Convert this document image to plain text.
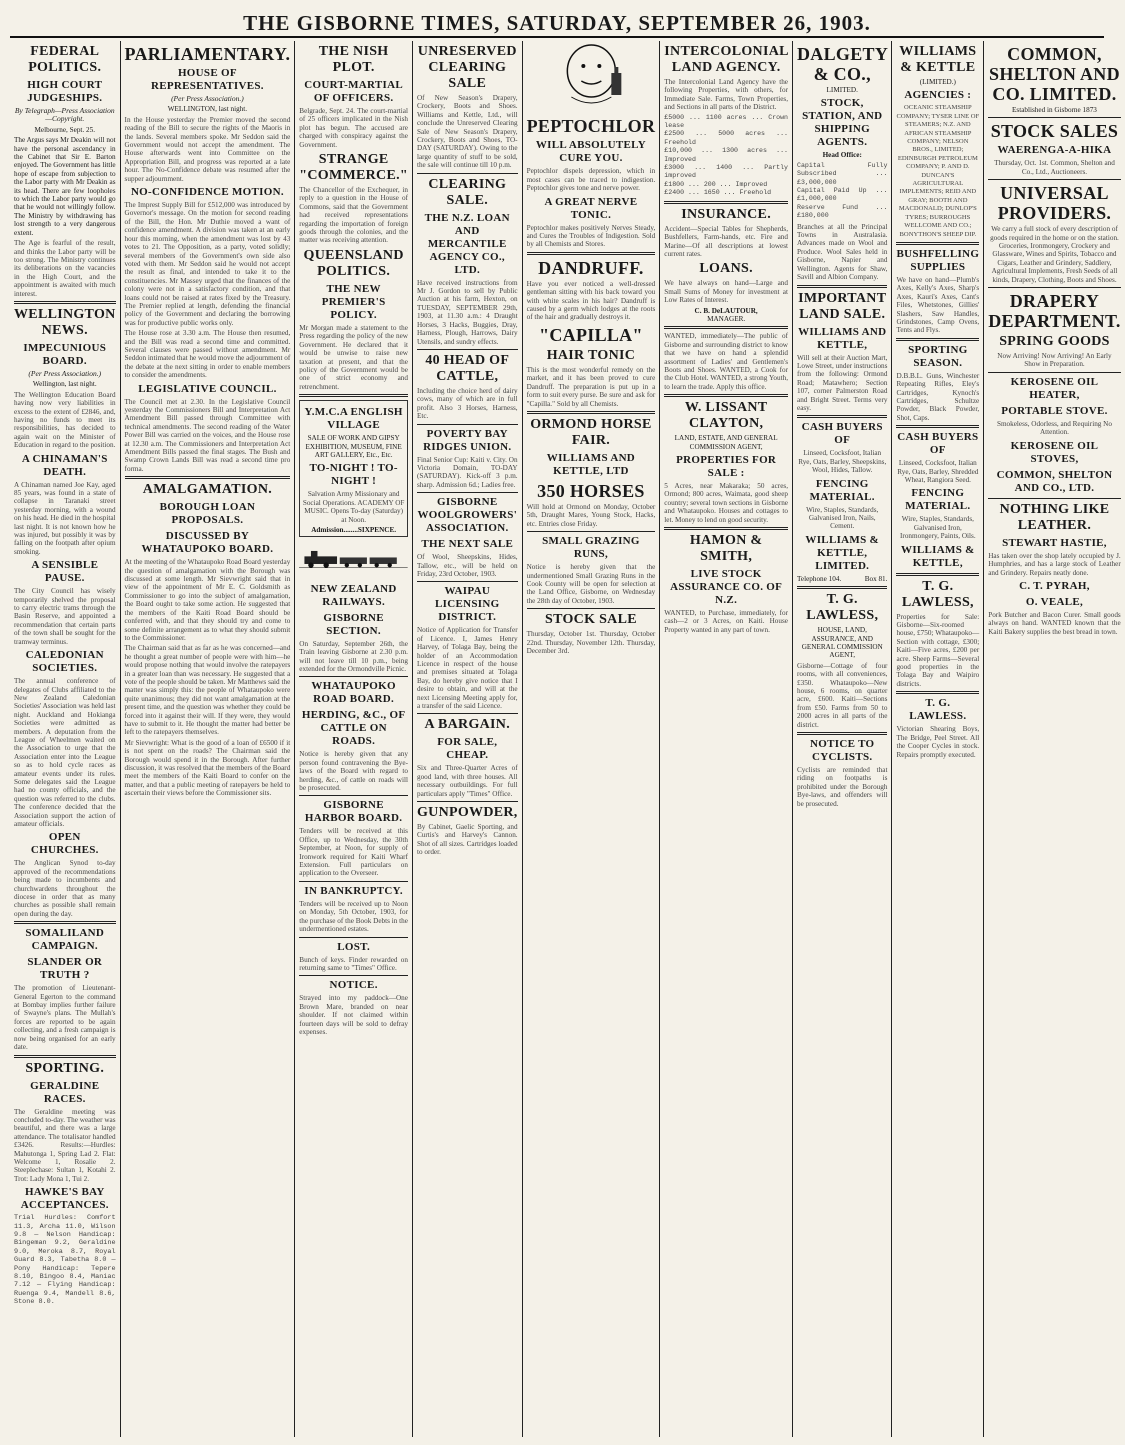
THE GISBORNE TIMES, SATURDAY, SEPTEMBER 26, 1903.
FEDERAL POLITICS.
HIGH COURT JUDGESHIPS.
By Telegraph—Press Association—Copyright.
Melbourne, Sept. 25.

The Argus says Mr Deakin will not have the personal ascendancy in the Cabinet that Sir E. Barton enjoyed. The Government has little hope of escape from subjection to the Labor party with Mr Deakin as its head. There are few loopholes to which the Labor party would go that he would not willingly follow. The Ministry by withdrawing has lost strength to a very dangerous extent.

The Age is fearful of the result, and thinks the Labor party will be too strong. The Ministry continues its deliberations on the vacancies in the High Court, and the appointment is awaited with much interest.

WELLINGTON NEWS.
IMPECUNIOUS BOARD.
(Per Press Association.)
Wellington, last night.

The Wellington Education Board having now very liabilities in excess to the extent of £2846, and, having no funds to meet its responsibilities, has decided to again wait on the Minister of Education in regard to the position.

A CHINAMAN'S DEATH.

A Chinaman named Joe Kay, aged 85 years, was found in a state of collapse in Taranaki street yesterday morning, with a wound on his head. He died in the hospital last night. It is not known how he was injured, but possibly it was by falling on the footpath after opium smoking.

A SENSIBLE PAUSE.

The City Council has wisely temporarily shelved the proposal to carry electric trams through the Basin Reserve, and appointed a recommendation that certain parts of the town shall be sought for the tramway terminus.

CALEDONIAN SOCIETIES.

The annual conference of delegates of Clubs affiliated to the New Zealand Caledonian Societies' Association was held last night. Auckland and Hokianga Societies were admitted as members. A deputation from the League of Wheelmen waited on the Association to urge that the Association enter into the League so as to hold cycle races as amateur events under its rules. Some delegates said the League had no county officials, and the question was referred to the clubs. The conference decided that the Association support the action of amateur officials.

OPEN CHURCHES.

The Anglican Synod to-day approved of the recommendations being made to incumbents and churchwardens throughout the diocese in order that as many churches as possible shall remain open during the day.

SOMALILAND CAMPAIGN.
SLANDER OR TRUTH ?

The promotion of Lieutenant-General Egerton to the command at Bombay implies further failure of Swayne's plans. The Mullah's forces are reported to be again collecting, and a fresh campaign is now being organised for an early date.

SPORTING.
GERALDINE RACES.

The Geraldine meeting was concluded to-day. The weather was beautiful, and there was a large attendance. The totalisator handled £3426. Results:—Hurdles: Mahutonga 1, Spring Lad 2. Flat: Welcome 1, Rosalie 2. Steeplechase: Sultan 1, Kotahi 2. Trot: Lady Mona 1, Tui 2.

HAWKE'S BAY ACCEPTANCES.

Trial Hurdles: Comfort 11.3, Archa 11.0, Wilson 9.8 — Nelson Handicap: Bingeman 9.2, Geraldine 9.0, Meroka 8.7, Royal Guard 8.3, Tabetha 8.0 — Pony Handicap: Tepere 8.10, Bingoo 8.4, Maniac 7.12 — Flying Handicap: Ruenga 9.4, Mandell 8.6, Stone 8.0.

PARLIAMENTARY.
HOUSE OF REPRESENTATIVES.
(Per Press Association.)
WELLINGTON, last night.

In the House yesterday the Premier moved the second reading of the Bill to secure the rights of the Maoris in the lands. Several members spoke. Mr Seddon said the Government would not accept the amendment. The House afterwards went into Committee on the Appropriation Bill, and progress was reported at a late hour. The No-Confidence debate was resumed after the supper adjournment.

NO-CONFIDENCE MOTION.

The Imprest Supply Bill for £512,000 was introduced by Governor's message. On the motion for second reading of the Bill, the Hon. Mr Duthie moved a want of confidence amendment. A division was taken at an early hour this morning, when the amendment was lost by 43 votes to 21. The Opposition, as a party, voted solidly; several members of the Government's own side also voted with them. Mr Seddon said he would not accept the result as final, and intended to take it to the constituencies. Mr Massey urged that the finances of the colony were not in a satisfactory condition, and that loans could not be raised at rates fixed by the Treasury. The Premier replied at length, defending the financial policy of the Government and declaring the borrowing was for productive public works only.

The House rose at 3.30 a.m. The House then resumed, and the Bill was read a second time and committed. Several clauses were passed without amendment. Mr Seddon intimated that he would move the adjournment of the debate at the next sitting in order to enable members to consider the amendments.

LEGISLATIVE COUNCIL.

The Council met at 2.30. In the Legislative Council yesterday the Commissioners Bill and Interpretation Act Amendment Bill passed through Committee with technical amendments. The second reading of the Water Power Bill was carried on the voices, and the House rose at 12.30 a.m. The Commissioners and Interpretation Act Amendment Bills passed the final stages. The Bush and Swamp Crown Lands Bill was read a second time pro forma.

AMALGAMATION.
BOROUGH LOAN PROPOSALS.
DISCUSSED BY WHATAUPOKO BOARD.

At the meeting of the Whataupoko Road Board yesterday the question of amalgamation with the Borough was discussed at some length. Mr Sievwright said that in view of the appointment of Mr E. C. Goldsmith as Commissioner to go into the subject of amalgamation, the Board ought to take some action. He suggested that the members of the Kaiti Road Board should be conferred with, and that they should try and come to some definite arrangement as to what they should submit to the Commissioner.

The Chairman said that as far as he was concerned—and he thought a great number of people were with him—he would propose nothing that would involve the ratepayers in a greater loan than was necessary. He suggested that a vote of the people should be taken. Mr Matthews said the matter was simply this: the people of Whataupoko were quite unanimous; they did not want amalgamation at the present time, and the question was whether they could be forced into it against their will. If they were, they would have to submit to it. He thought the matter had better be left to the ratepayers themselves.

Mr Sievwright: What is the good of a loan of £6500 if it is not spent on the roads? The Chairman said the Borough would spend it in the Borough. After further discussion, it was resolved that the members of the Board meet the members of the Kaiti Board to confer on the matter, and that a public meeting of ratepayers be held to ascertain their views before the Commissioner sits.

THE NISH PLOT.
COURT-MARTIAL OF OFFICERS.

Belgrade, Sept. 24. The court-martial of 25 officers implicated in the Nish plot has begun. The accused are charged with conspiracy against the Government.

STRANGE "COMMERCE."

The Chancellor of the Exchequer, in reply to a question in the House of Commons, said that the Government had received representations regarding the importation of foreign goods through the colonies, and the matter was receiving attention.

QUEENSLAND POLITICS.
THE NEW PREMIER'S POLICY.

Mr Morgan made a statement to the Press regarding the policy of the new Government. He declared that it would be unwise to raise new taxation at present, and that the policy of the Government would be one of strict economy and retrenchment.

Y.M.C.A ENGLISH VILLAGE
SALE OF WORK AND GIPSY EXHIBITION, MUSEUM, FINE ART GALLERY, Etc., Etc.
TO-NIGHT ! TO-NIGHT !

Salvation Army Missionary and Social Operations. ACADEMY OF MUSIC. Opens To-day (Saturday) at Noon.

Admission........SIXPENCE.
NEW ZEALAND RAILWAYS.
GISBORNE SECTION.

On Saturday, September 26th, the Train leaving Gisborne at 2.30 p.m. will not leave till 10 p.m., being extended for the Ormondville Picnic.

WHATAUPOKO ROAD BOARD.
HERDING, &C., OF CATTLE ON ROADS.

Notice is hereby given that any person found contravening the Bye-laws of the Board with regard to herding, &c., of cattle on roads will be prosecuted.

GISBORNE HARBOR BOARD.

Tenders will be received at this Office, up to Wednesday, the 30th September, at Noon, for supply of Ironwork required for Kaiti Wharf Extension. Full particulars on application to the Overseer.

IN BANKRUPTCY.

Tenders will be received up to Noon on Monday, 5th October, 1903, for the purchase of the Book Debts in the undermentioned estates.

LOST.

Bunch of keys. Finder rewarded on returning same to "Times" Office.

NOTICE.

Strayed into my paddock—One Brown Mare, branded on near shoulder. If not claimed within fourteen days will be sold to defray expenses.

UNRESERVED CLEARING SALE

Of New Season's Drapery, Crockery, Boots and Shoes. Williams and Kettle, Ltd., will conclude the Unreserved Clearing Sale of New Season's Drapery, Crockery, Boots and Shoes, TO-DAY (SATURDAY). Owing to the large quantity of stuff to be sold, the sale will continue till 10 p.m.

CLEARING SALE.
THE N.Z. LOAN AND MERCANTILE AGENCY CO., LTD.

Have received instructions from Mr J. Gordon to sell by Public Auction at his farm, Hexton, on TUESDAY, SEPTEMBER 29th, 1903, at 11.30 a.m.: 4 Draught Horses, 3 Hacks, Buggies, Dray, Harness, Plough, Harrows, Dairy Utensils, and sundry effects.

40 HEAD OF CATTLE,

Including the choice herd of dairy cows, many of which are in full profit. Also 3 Horses, Harness, Etc.

POVERTY BAY RIDGES UNION.

Final Senior Cup: Kaiti v. City. On Victoria Domain, TO-DAY (SATURDAY). Kick-off 3 p.m. sharp. Admission 6d.; Ladies free.

GISBORNE WOOLGROWERS' ASSOCIATION.
THE NEXT SALE

Of Wool, Sheepskins, Hides, Tallow, etc., will be held on Friday, 23rd October, 1903.

WAIPAU LICENSING DISTRICT.

Notice of Application for Transfer of Licence. I, James Henry Harvey, of Tolaga Bay, being the holder of an Accommodation Licence in respect of the house and premises situated at Tolaga Bay, do hereby give notice that I desire to obtain, and will at the next Licensing Meeting apply for, a transfer of the said Licence.

A BARGAIN.
FOR SALE, CHEAP.

Six and Three-Quarter Acres of good land, with three houses. All necessary outbuildings. For full particulars apply "Times" Office.

GUNPOWDER,

By Cabinet, Gaelic Sporting, and Curtis's and Harvey's Cannon. Shot of all sizes. Cartridges loaded to order.

PEPTOCHLOR
WILL ABSOLUTELY CURE YOU.

Peptochlor dispels depression, which in most cases can be traced to indigestion. Peptochlor gives tone and nerve power.

A GREAT NERVE TONIC.

Peptochlor makes positively Nerves Steady, and Cures the Troubles of Indigestion. Sold by all Chemists and Stores.

DANDRUFF.

Have you ever noticed a well-dressed gentleman sitting with his back toward you with white scales in his hair? Dandruff is caused by a germ which lodges at the roots of the hair and gradually destroys it.

"CAPILLA"
HAIR TONIC

This is the most wonderful remedy on the market, and it has been proved to cure Dandruff. The preparation is put up in a form to suit every purse. Be sure and ask for "Capilla." Sold by all Chemists.

ORMOND HORSE FAIR.
WILLIAMS AND KETTLE, LTD
350 HORSES

Will hold at Ormond on Monday, October 5th, Draught Mares, Young Stock, Hacks, etc. Entries close Friday.

SMALL GRAZING RUNS,

Notice is hereby given that the undermentioned Small Grazing Runs in the Cook County will be open for selection at the Land Office, Gisborne, on Wednesday the 28th day of October, 1903.

STOCK SALE

Thursday, October 1st. Thursday, October 22nd. Thursday, November 12th. Thursday, December 3rd.

INTERCOLONIAL LAND AGENCY.

The Intercolonial Land Agency have the following Properties, with others, for Immediate Sale. Farms, Town Properties, and Sections in all parts of the District.

£5000 ... 1100 acres ... Crown lease
£2500 ... 5000 acres ... Freehold
£10,000 ... 1300 acres ... Improved
£3000 ... 1400 ... Partly improved
£1800 ... 200 ... Improved
£2400 ... 1650 ... Freehold

INSURANCE.

Accident—Special Tables for Shepherds, Bushfellers, Farm-hands, etc. Fire and Marine—Of all descriptions at lowest current rates.

LOANS.

We have always on hand—Large and Small Sums of Money for investment at Low Rates of Interest.

C. B. DeLAUTOUR,
MANAGER.

WANTED, immediately—The public of Gisborne and surrounding district to know that we have on hand a splendid assortment of Ladies' and Gentlemen's Boots and Shoes. WANTED, a Cook for the Club Hotel. WANTED, a strong Youth, to learn the trade. Apply this office.

W. LISSANT CLAYTON,
LAND, ESTATE, AND GENERAL COMMISSION AGENT,
PROPERTIES FOR SALE :

5 Acres, near Makaraka; 50 acres, Ormond; 800 acres, Waimata, good sheep country; several town sections in Gisborne and Whataupoko. Houses and cottages to let. Money to lend on good security.

HAMON & SMITH,
LIVE STOCK ASSURANCE CO. OF N.Z.

WANTED, to Purchase, immediately, for cash—2 or 3 Acres, on Kaiti. House Property wanted in any part of town.

DALGETY & CO.,
LIMITED.
STOCK, STATION, AND SHIPPING AGENTS.
Head Office:

Capital Fully Subscribed ... £3,000,000
Capital Paid Up ... £1,000,000
Reserve Fund ... £180,000

Branches at all the Principal Towns in Australasia. Advances made on Wool and Produce. Wool Sales held in Gisborne, Napier and Wellington. Agents for Shaw, Savill and Albion Company.

IMPORTANT LAND SALE.
WILLIAMS AND KETTLE,

Will sell at their Auction Mart, Lowe Street, under instructions from the following: Ormond Road; Matawhero; Section 107, corner Palmerston Road and Bright Street. Terms very easy.

CASH BUYERS OF

Linseed, Cocksfoot, Italian Rye, Oats, Barley, Sheepskins, Wool, Hides, Tallow.

FENCING MATERIAL.

Wire, Staples, Standards, Galvanised Iron, Nails, Cement.

WILLIAMS & KETTLE, LIMITED.
Telephone 104.	Box 81.
T. G. LAWLESS,
HOUSE, LAND, ASSURANCE, AND GENERAL COMMISSION AGENT,

Gisborne—Cottage of four rooms, with all conveniences, £350. Whataupoko—New house, 6 rooms, on quarter acre, £600. Kaiti—Sections from £50. Farms from 50 to 2000 acres in all parts of the district.

NOTICE TO CYCLISTS.

Cyclists are reminded that riding on footpaths is prohibited under the Borough Bye-laws, and offenders will be prosecuted.

WILLIAMS & KETTLE
(LIMITED.)
AGENCIES :

OCEANIC STEAMSHIP COMPANY; TYSER LINE OF STEAMERS; N.Z. AND AFRICAN STEAMSHIP COMPANY; NELSON BROS., LIMITED; EDINBURGH PETROLEUM COMPANY; P. AND D. DUNCAN'S AGRICULTURAL IMPLEMENTS; REID AND GRAY; BOOTH AND MACDONALD; DUNLOP'S TYRES; BURROUGHS WELLCOME AND CO.; BONYTHON'S SHEEP DIP.

BUSHFELLING SUPPLIES

We have on hand—Plumb's Axes, Kelly's Axes, Sharp's Axes, Kauri's Axes, Cant's Files, Whetstones, Gillies' Slashers, Saw Handles, Grindstones, Camp Ovens, Tents and Flys.

SPORTING SEASON.

D.B.B.L. Guns, Winchester Repeating Rifles, Eley's Cartridges, Kynoch's Cartridges, Schultze Powder, Black Powder, Shot, Caps.

CASH BUYERS OF

Linseed, Cocksfoot, Italian Rye, Oats, Barley, Shredded Wheat, Rangiora Seed.

FENCING MATERIAL.

Wire, Staples, Standards, Galvanised Iron, Ironmongery, Paints, Oils.

WILLIAMS & KETTLE,
T. G. LAWLESS,

Properties for Sale: Gisborne—Six-roomed house, £750; Whataupoko—Section with cottage, £300; Kaiti—Five acres, £200 per acre. Sheep Farms—Several good properties in the Tolaga Bay and Waipiro districts.

T. G. LAWLESS.

Victorian Shearing Boys, The Bridge, Peel Street. All the Cooper Cycles in stock. Repairs promptly executed.

COMMON, SHELTON AND CO. LIMITED.
Established in Gisborne 1873
STOCK SALES
WAERENGA-A-HIKA

Thursday, Oct. 1st. Common, Shelton and Co., Ltd., Auctioneers.

UNIVERSAL PROVIDERS.

We carry a full stock of every description of goods required in the home or on the station. Groceries, Ironmongery, Crockery and Glassware, Wines and Spirits, Tobacco and Cigars, Leather and Grindery, Saddlery, Agricultural Implements, Fresh Seeds of all kinds, Drapery, Clothing, Boots and Shoes.

DRAPERY DEPARTMENT.
SPRING GOODS

Now Arriving! Now Arriving! An Early Show in Preparation.

KEROSENE OIL HEATER,
PORTABLE STOVE.

Smokeless, Odorless, and Requiring No Attention.

KEROSENE OIL STOVES,
COMMON, SHELTON AND CO., LTD.
NOTHING LIKE LEATHER.
STEWART HASTIE,

Has taken over the shop lately occupied by J. Humphries, and has a large stock of Leather and Grindery. Repairs neatly done.

C. T. PYRAH,
O. VEALE,

Pork Butcher and Bacon Curer. Small goods always on hand. WANTED known that the Kaiti Bakery supplies the best bread in town.
